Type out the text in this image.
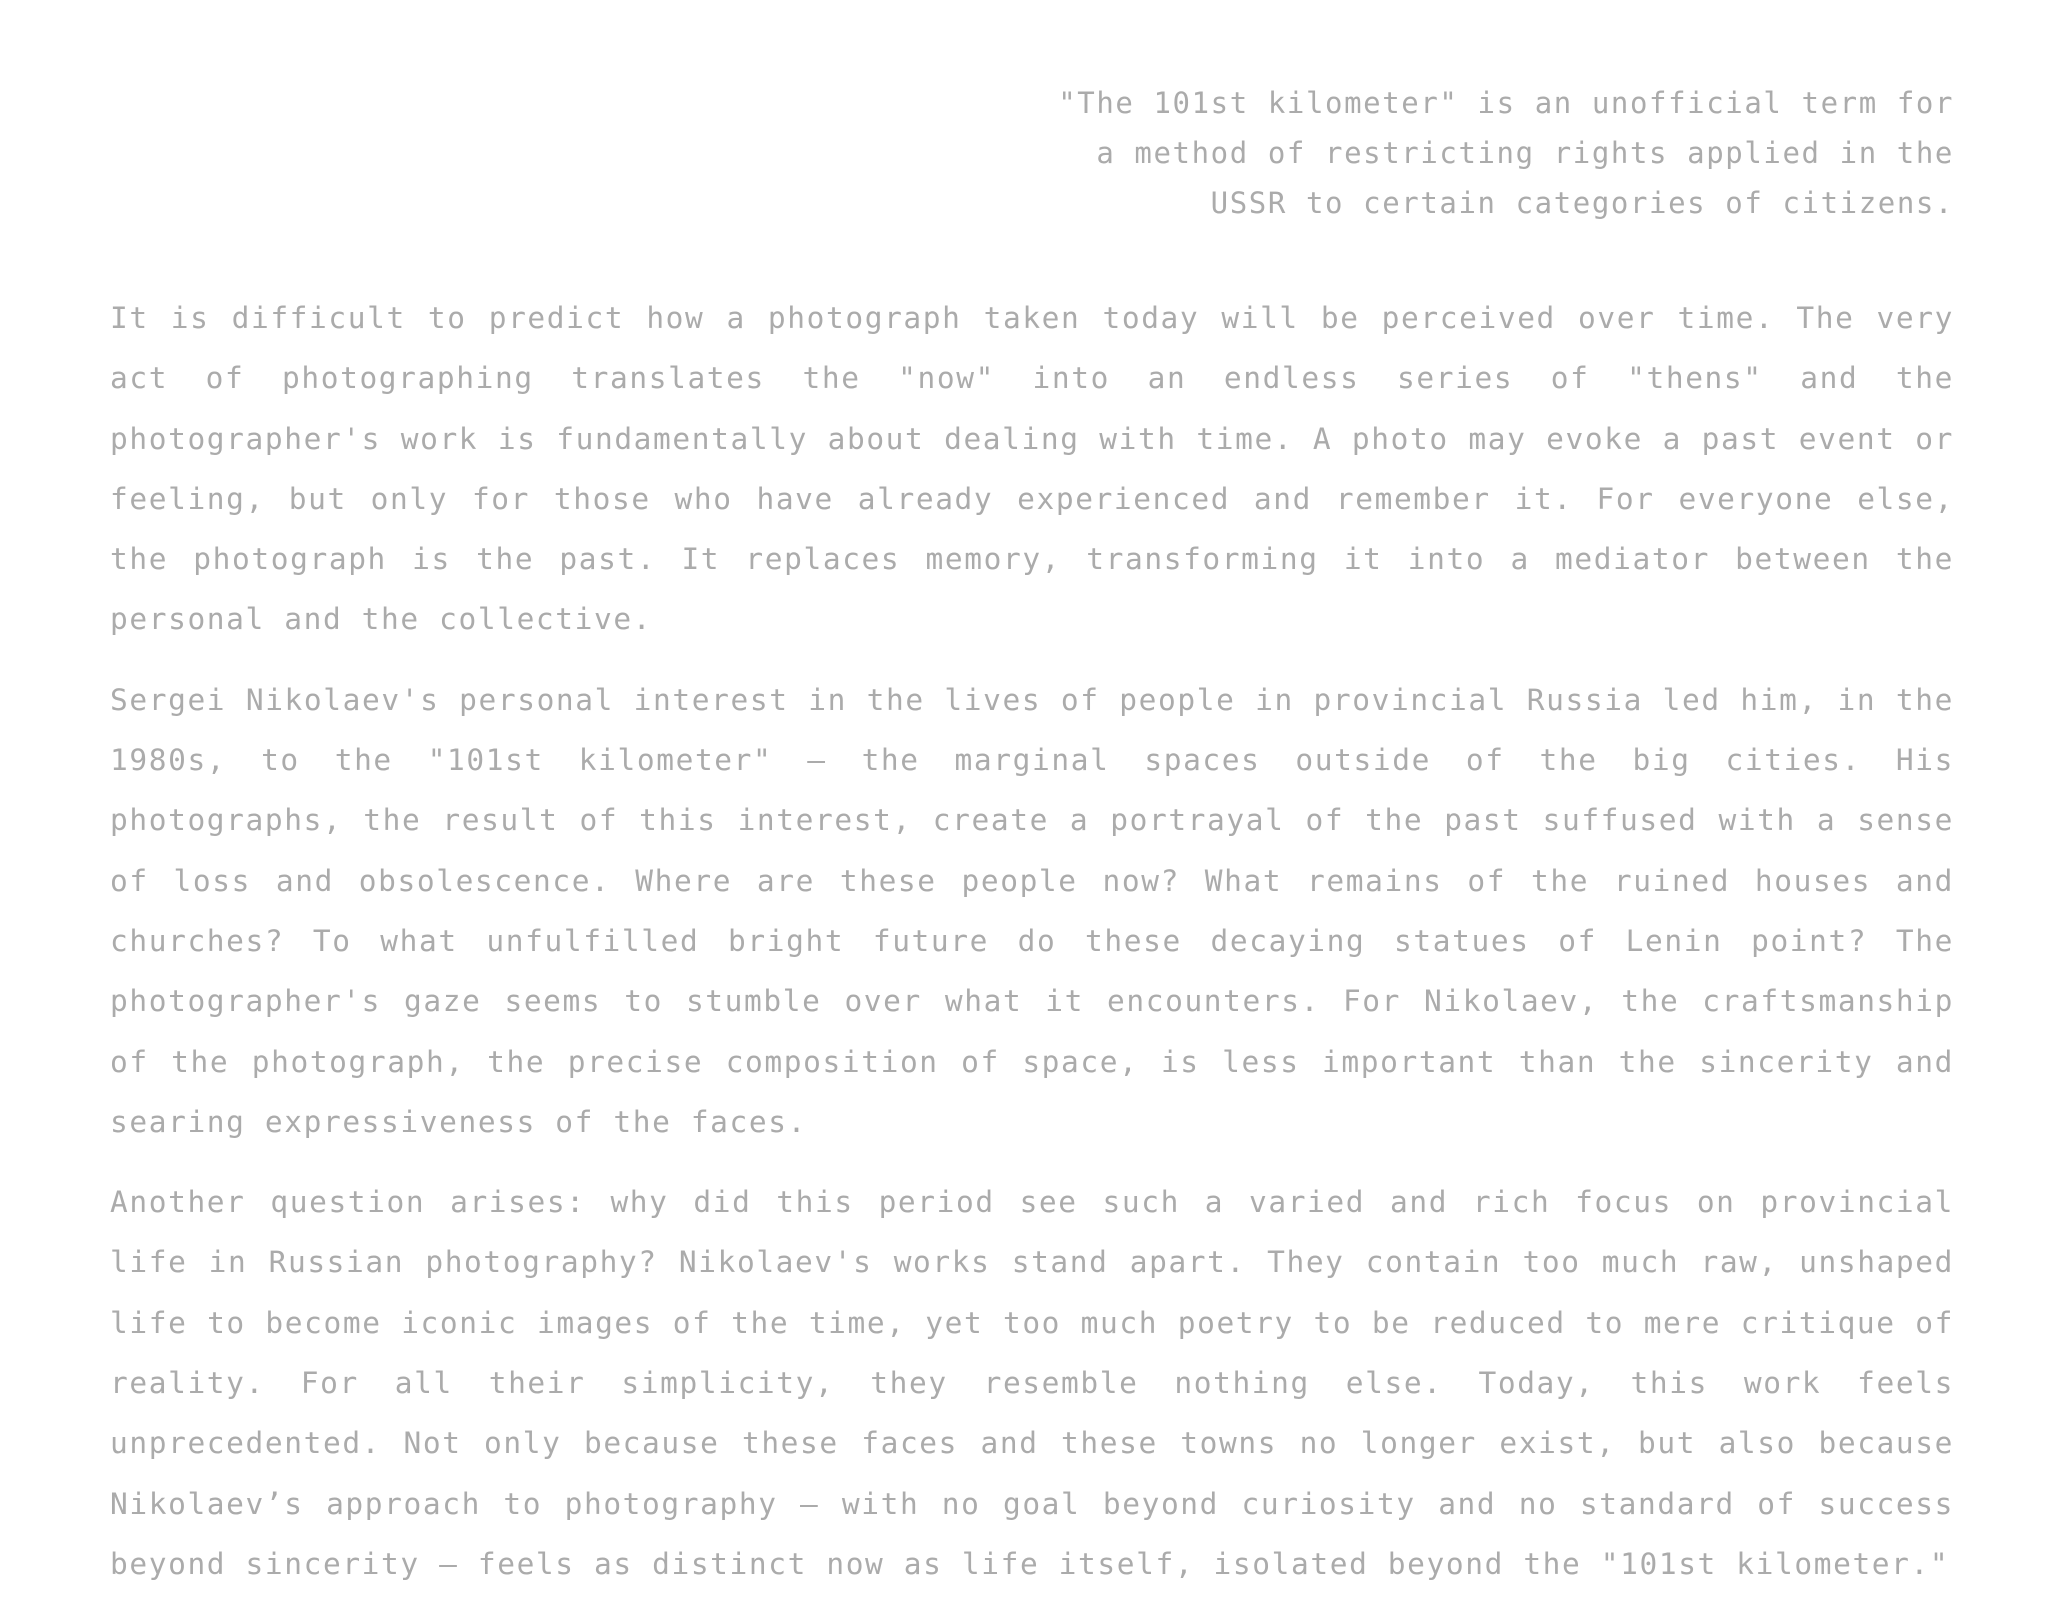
"The 101st kilometer" is an unofficial term for
a method of restricting rights applied in the
USSR to certain categories of citizens.

It is difficult to predict how a photograph taken today will be perceived over time. The very act of photographing translates the "now" into an endless series of "thens" and the photographer's work is fundamentally about dealing with time. A photo may evoke a past event or feeling, but only for those who have already experienced and remember it. For everyone else, the photograph is the past. It replaces memory, transforming it into a mediator between the personal and the collective.

Sergei Nikolaev's personal interest in the lives of people in provincial Russia led him, in the 1980s, to the "101st kilometer" – the marginal spaces outside of the big cities. His photographs, the result of this interest, create a portrayal of the past suffused with a sense of loss and obsolescence. Where are these people now? What remains of the ruined houses and churches? To what unfulfilled bright future do these decaying statues of Lenin point? The photographer's gaze seems to stumble over what it encounters. For Nikolaev, the craftsmanship of the photograph, the precise composition of space, is less important than the sincerity and searing expressiveness of the faces.

Another question arises: why did this period see such a varied and rich focus on provincial life in Russian photography? Nikolaev's works stand apart. They contain too much raw, unshaped life to become iconic images of the time, yet too much poetry to be reduced to mere critique of reality. For all their simplicity, they resemble nothing else. Today, this work feels unprecedented. Not only because these faces and these towns no longer exist, but also because Nikolaev’s approach to photography – with no goal beyond curiosity and no standard of success beyond sincerity – feels as distinct now as life itself, isolated beyond the "101st kilometer."
